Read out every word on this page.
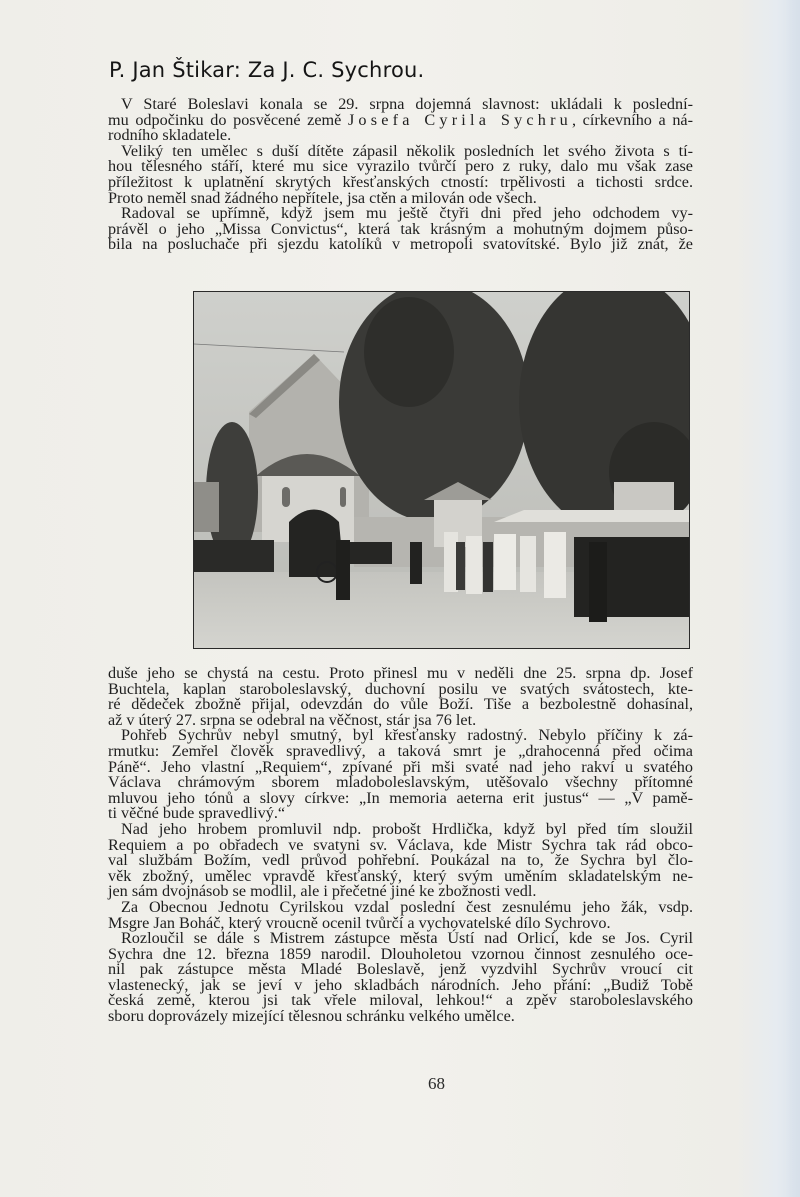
P. Jan Štikar: Za J. C. Sychrou.
V Staré Boleslavi konala se 29. srpna dojemná slavnost: ukládali k poslední-
mu odpočinku do posvěcené země Josefa Cyrila Sychru, církevního a ná-
rodního skladatele.
Veliký ten umělec s duší dítěte zápasil několik posledních let svého života s tí-
hou tělesného stáří, které mu sice vyrazilo tvůrčí pero z ruky, dalo mu však zase
příležitost k uplatnění skrytých křesťanských ctností: trpělivosti a tichosti srdce.
Proto neměl snad žádného nepřítele, jsa ctěn a milován ode všech.
Radoval se upřímně, když jsem mu ještě čtyři dni před jeho odchodem vy-
právěl o jeho „Missa Convictus“, která tak krásným a mohutným dojmem půso-
bila na posluchače při sjezdu katolíků v metropoli svatovítské. Bylo již znát, že
duše jeho se chystá na cestu. Proto přinesl mu v neděli dne 25. srpna dp. Josef
Buchtela, kaplan staroboleslavský, duchovní posilu ve svatých svátostech, kte-
ré dědeček zbožně přijal, odevzdán do vůle Boží. Tiše a bezbolestně dohasínal,
až v úterý 27. srpna se odebral na věčnost, stár jsa 76 let.
Pohřeb Sychrův nebyl smutný, byl křesťansky radostný. Nebylo příčiny k zá-
rmutku: Zemřel člověk spravedlivý, a taková smrt je „drahocenná před očima
Páně“. Jeho vlastní „Requiem“, zpívané při mši svaté nad jeho rakví u svatého
Václava chrámovým sborem mladoboleslavským, utěšovalo všechny přítomné
mluvou jeho tónů a slovy církve: „In memoria aeterna erit justus“ — „V pamě-
ti věčné bude spravedlivý.“
Nad jeho hrobem promluvil ndp. probošt Hrdlička, když byl před tím sloužil
Requiem a po obřadech ve svatyni sv. Václava, kde Mistr Sychra tak rád obco-
val službám Božím, vedl průvod pohřební. Poukázal na to, že Sychra byl člo-
věk zbožný, umělec vpravdě křesťanský, který svým uměním skladatelským ne-
jen sám dvojnásob se modlil, ale i přečetné jiné ke zbožnosti vedl.
Za Obecnou Jednotu Cyrilskou vzdal poslední čest zesnulému jeho žák, vsdp.
Msgre Jan Boháč, který vroucně ocenil tvůrčí a vychovatelské dílo Sychrovo.
Rozloučil se dále s Mistrem zástupce města Ústí nad Orlicí, kde se Jos. Cyril
Sychra dne 12. března 1859 narodil. Dlouholetou vzornou činnost zesnulého oce-
nil pak zástupce města Mladé Boleslavě, jenž vyzdvihl Sychrův vroucí cit
vlastenecký, jak se jeví v jeho skladbách národních. Jeho přání: „Budiž Tobě
česká země, kterou jsi tak vřele miloval, lehkou!“ a zpěv staroboleslavského
sboru doprovázely mizející tělesnou schránku velkého umělce.
68
